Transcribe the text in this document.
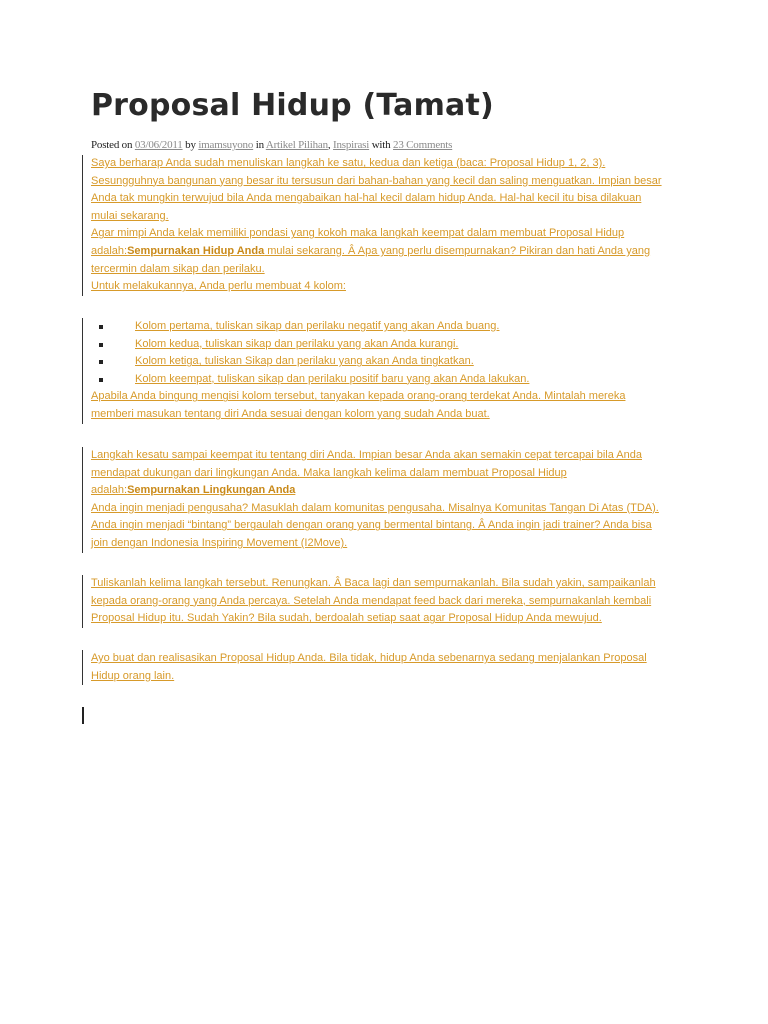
Proposal Hidup (Tamat)
Posted on 03/06/2011 by imamsuyono in Artikel Pilihan, Inspirasi with 23 Comments
Saya berharap Anda sudah menuliskan langkah ke satu, kedua dan ketiga (baca: Proposal Hidup 1, 2, 3).
Sesungguhnya bangunan yang besar itu tersusun dari bahan-bahan yang kecil dan saling menguatkan. Impian besar
Anda tak mungkin terwujud bila Anda mengabaikan hal-hal kecil dalam hidup Anda. Hal-hal kecil itu bisa dilakuan
mulai sekarang.
Agar mimpi Anda kelak memiliki pondasi yang kokoh maka langkah keempat dalam membuat Proposal Hidup
adalah:Sempurnakan Hidup Anda mulai sekarang. Â Apa yang perlu disempurnakan? Pikiran dan hati Anda yang
tercermin dalam sikap dan perilaku.
Untuk melakukannya, Anda perlu membuat 4 kolom:
Kolom pertama, tuliskan sikap dan perilaku negatif yang akan Anda buang.
Kolom kedua, tuliskan sikap dan perilaku yang akan Anda kurangi.
Kolom ketiga, tuliskan Sikap dan perilaku yang akan Anda tingkatkan.
Kolom keempat, tuliskan sikap dan perilaku positif baru yang akan Anda lakukan.
Apabila Anda bingung mengisi kolom tersebut, tanyakan kepada orang-orang terdekat Anda. Mintalah mereka
memberi masukan tentang diri Anda sesuai dengan kolom yang sudah Anda buat.
Langkah kesatu sampai keempat itu tentang diri Anda. Impian besar Anda akan semakin cepat tercapai bila Anda
mendapat dukungan dari lingkungan Anda. Maka langkah kelima dalam membuat Proposal Hidup
adalah:Sempurnakan Lingkungan Anda
Anda ingin menjadi pengusaha? Masuklah dalam komunitas pengusaha. Misalnya Komunitas Tangan Di Atas (TDA).
Anda ingin menjadi “bintang” bergaulah dengan orang yang bermental bintang. Â Anda ingin jadi trainer? Anda bisa
join dengan Indonesia Inspiring Movement (I2Move).
Tuliskanlah kelima langkah tersebut. Renungkan. Â Baca lagi dan sempurnakanlah. Bila sudah yakin, sampaikanlah
kepada orang-orang yang Anda percaya. Setelah Anda mendapat feed back dari mereka, sempurnakanlah kembali
Proposal Hidup itu. Sudah Yakin? Bila sudah, berdoalah setiap saat agar Proposal Hidup Anda mewujud.
Ayo buat dan realisasikan Proposal Hidup Anda. Bila tidak, hidup Anda sebenarnya sedang menjalankan Proposal
Hidup orang lain.
